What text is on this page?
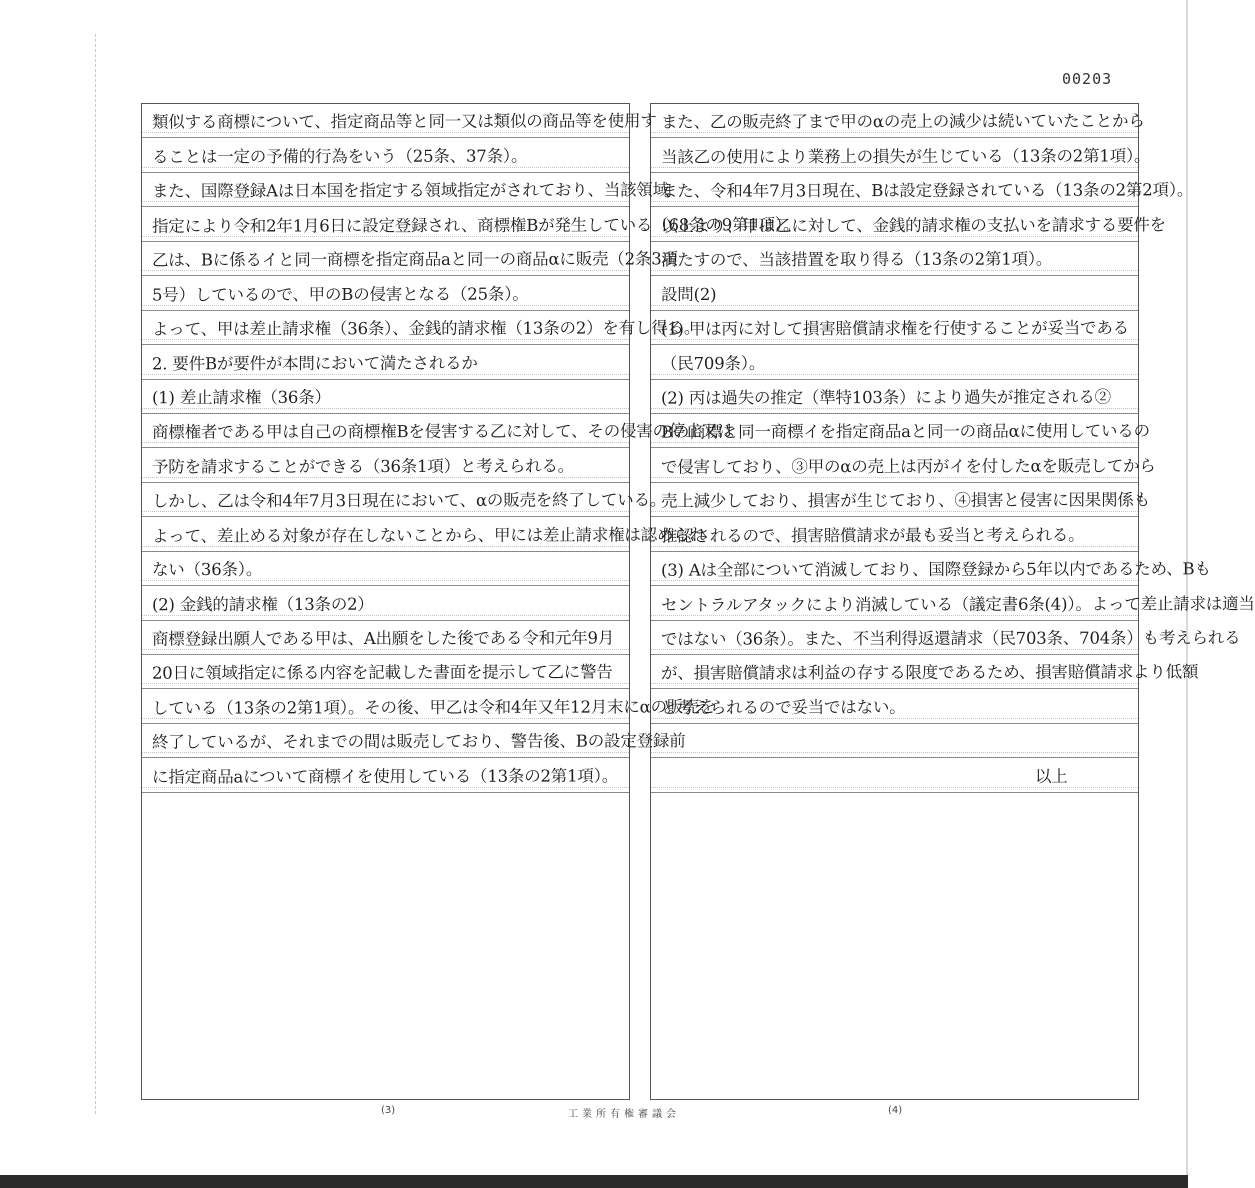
00203
類似する商標について、指定商品等と同一又は類似の商品等を使用す
ることは一定の予備的行為をいう（25条、37条）。
また、国際登録Aは日本国を指定する領域指定がされており、当該領域
指定により令和2年1月6日に設定登録され、商標権Bが発生している（68条の9第1項）。
乙は、Bに係るイと同一商標を指定商品aと同一の商品αに販売（2条3項
5号）しているので、甲のBの侵害となる（25条）。
よって、甲は差止請求権（36条）、金銭的請求権（13条の2）を有し得る。
2. 要件Bが要件が本問において満たされるか
(1) 差止請求権（36条）
商標権者である甲は自己の商標権Bを侵害する乙に対して、その侵害の停止又は
予防を請求することができる（36条1項）と考えられる。
しかし、乙は令和4年7月3日現在において、αの販売を終了している。
よって、差止める対象が存在しないことから、甲には差止請求権は認められ
ない（36条）。
(2) 金銭的請求権（13条の2）
商標登録出願人である甲は、A出願をした後である令和元年9月
20日に領域指定に係る内容を記載した書面を提示して乙に警告
している（13条の2第1項）。その後、甲乙は令和4年又年12月末にαの販売を
終了しているが、それまでの間は販売しており、警告後、Bの設定登録前
に指定商品aについて商標イを使用している（13条の2第1項）。
また、乙の販売終了まで甲のαの売上の減少は続いていたことから
当該乙の使用により業務上の損失が生じている（13条の2第1項）。
また、令和4年7月3日現在、Bは設定登録されている（13条の2第2項）。
以上より、甲は乙に対して、金銭的請求権の支払いを請求する要件を
満たすので、当該措置を取り得る（13条の2第1項）。
設問(2)
(1) 甲は丙に対して損害賠償請求権を行使することが妥当である
（民709条）。
(2) 丙は過失の推定（準特103条）により過失が推定される②
Bの商標と同一商標イを指定商品aと同一の商品αに使用しているの
で侵害しており、③甲のαの売上は丙がイを付したαを販売してから
売上減少しており、損害が生じており、④損害と侵害に因果関係も
推認されるので、損害賠償請求が最も妥当と考えられる。
(3) Aは全部について消滅しており、国際登録から5年以内であるため、Bも
セントラルアタックにより消滅している（議定書6条(4)）。よって差止請求は適当
ではない（36条）。また、不当利得返還請求（民703条、704条）も考えられる
が、損害賠償請求は利益の存する限度であるため、損害賠償請求より低額
と考えられるので妥当ではない。
以上
(3)	工業所有権審議会	(4)
